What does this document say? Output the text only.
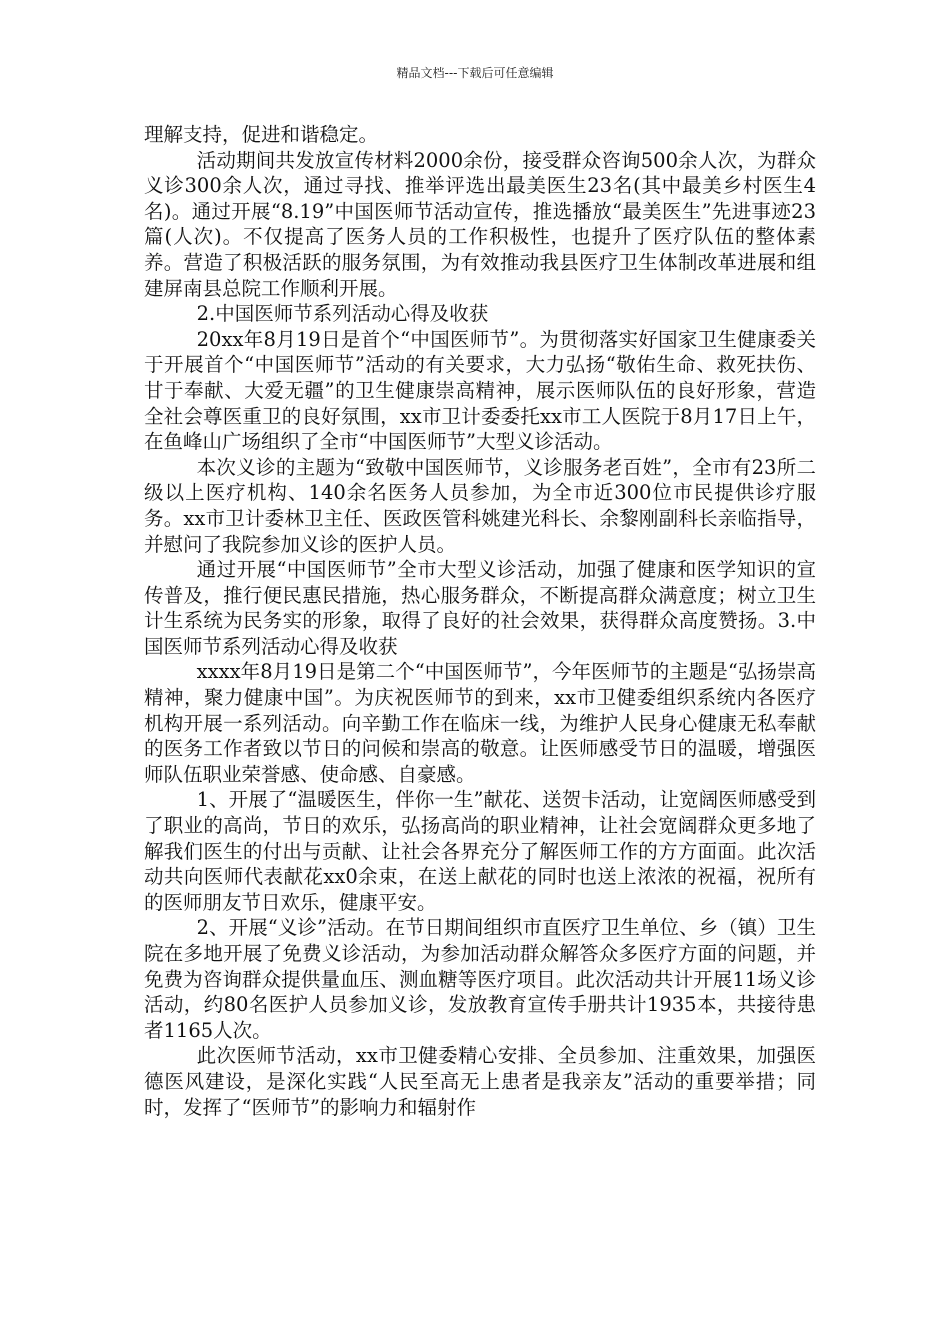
精品文档---下载后可任意编辑

理解支持，促进和谐稳定。

活动期间共发放宣传材料2000余份，接受群众咨询500余人次，为群众义诊300余人次，通过寻找、推举评选出最美医生23名(其中最美乡村医生4名)。通过开展“8.19”中国医师节活动宣传，推选播放“最美医生”先进事迹23篇(人次)。不仅提高了医务人员的工作积极性，也提升了医疗队伍的整体素养。营造了积极活跃的服务氛围，为有效推动我县医疗卫生体制改革进展和组建屏南县总院工作顺利开展。

2.中国医师节系列活动心得及收获

20xx年8月19日是首个“中国医师节”。为贯彻落实好国家卫生健康委关于开展首个“中国医师节”活动的有关要求，大力弘扬“敬佑生命、救死扶伤、甘于奉献、大爱无疆”的卫生健康崇高精神，展示医师队伍的良好形象，营造全社会尊医重卫的良好氛围，xx市卫计委委托xx市工人医院于8月17日上午，在鱼峰山广场组织了全市“中国医师节”大型义诊活动。

本次义诊的主题为“致敬中国医师节，义诊服务老百姓”，全市有23所二级以上医疗机构、140余名医务人员参加，为全市近300位市民提供诊疗服务。xx市卫计委林卫主任、医政医管科姚建光科长、余黎刚副科长亲临指导，并慰问了我院参加义诊的医护人员。

通过开展“中国医师节”全市大型义诊活动，加强了健康和医学知识的宣传普及，推行便民惠民措施，热心服务群众，不断提高群众满意度；树立卫生计生系统为民务实的形象，取得了良好的社会效果，获得群众高度赞扬。3.中国医师节系列活动心得及收获

xxxx年8月19日是第二个“中国医师节”，今年医师节的主题是“弘扬崇高精神，聚力健康中国”。为庆祝医师节的到来，xx市卫健委组织系统内各医疗机构开展一系列活动。向辛勤工作在临床一线，为维护人民身心健康无私奉献的医务工作者致以节日的问候和崇高的敬意。让医师感受节日的温暖，增强医师队伍职业荣誉感、使命感、自豪感。

1、开展了“温暖医生，伴你一生”献花、送贺卡活动，让宽阔医师感受到了职业的高尚，节日的欢乐，弘扬高尚的职业精神，让社会宽阔群众更多地了解我们医生的付出与贡献、让社会各界充分了解医师工作的方方面面。此次活动共向医师代表献花xx0余束，在送上献花的同时也送上浓浓的祝福，祝所有的医师朋友节日欢乐，健康平安。

2、开展“义诊”活动。在节日期间组织市直医疗卫生单位、乡（镇）卫生院在多地开展了免费义诊活动，为参加活动群众解答众多医疗方面的问题，并免费为咨询群众提供量血压、测血糖等医疗项目。此次活动共计开展11场义诊活动，约80名医护人员参加义诊，发放教育宣传手册共计1935本，共接待患者1165人次。

此次医师节活动，xx市卫健委精心安排、全员参加、注重效果，加强医德医风建设，是深化实践“人民至高无上患者是我亲友”活动的重要举措；同时，发挥了“医师节”的影响力和辐射作
